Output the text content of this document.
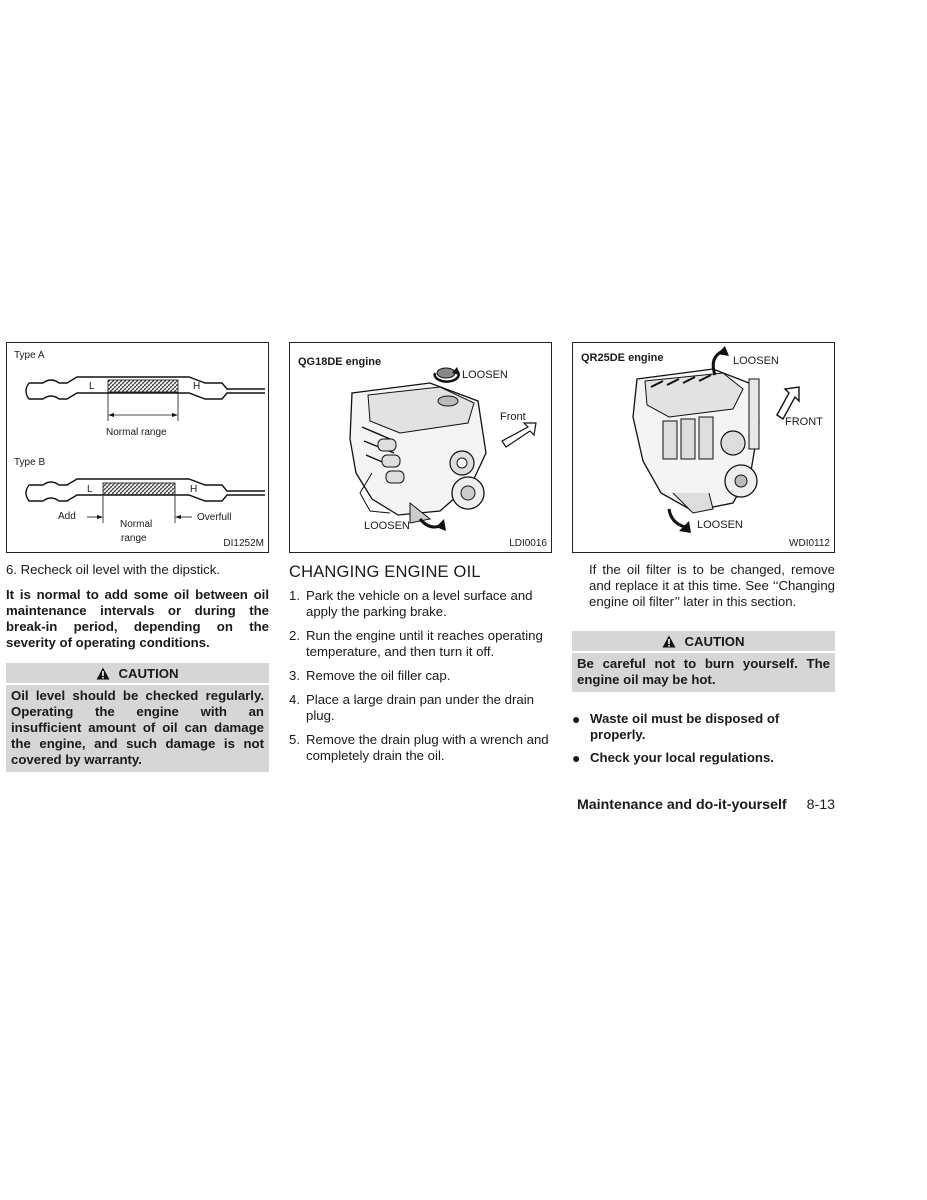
Type A
Type B
L	H
Normal range
L	H
Add
Normal
range
Overfull
DI1252M

6. Recheck oil level with the dipstick.

It is normal to add some oil between oil maintenance intervals or during the break-in period, depending on the severity of operating conditions.

CAUTION
Oil level should be checked regularly. Operating the engine with an insufficient amount of oil can damage the engine, and such damage is not covered by warranty.
QG18DE engine
LOOSEN
Front
LOOSEN
LDI0016
CHANGING ENGINE OIL
1. Park the vehicle on a level surface and apply the parking brake.
2. Run the engine until it reaches operating temperature, and then turn it off.
3. Remove the oil filler cap.
4. Place a large drain pan under the drain plug.
5. Remove the drain plug with a wrench and completely drain the oil.
QR25DE engine	LOOSEN
FRONT
LOOSEN
WDI0112

If the oil filter is to be changed, remove and replace it at this time. See ‘‘Changing engine oil filter’’ later in this section.

CAUTION
Be careful not to burn yourself. The engine oil may be hot.
● Waste oil must be disposed of properly.
● Check your local regulations.
Maintenance and do-it-yourself 8-13
